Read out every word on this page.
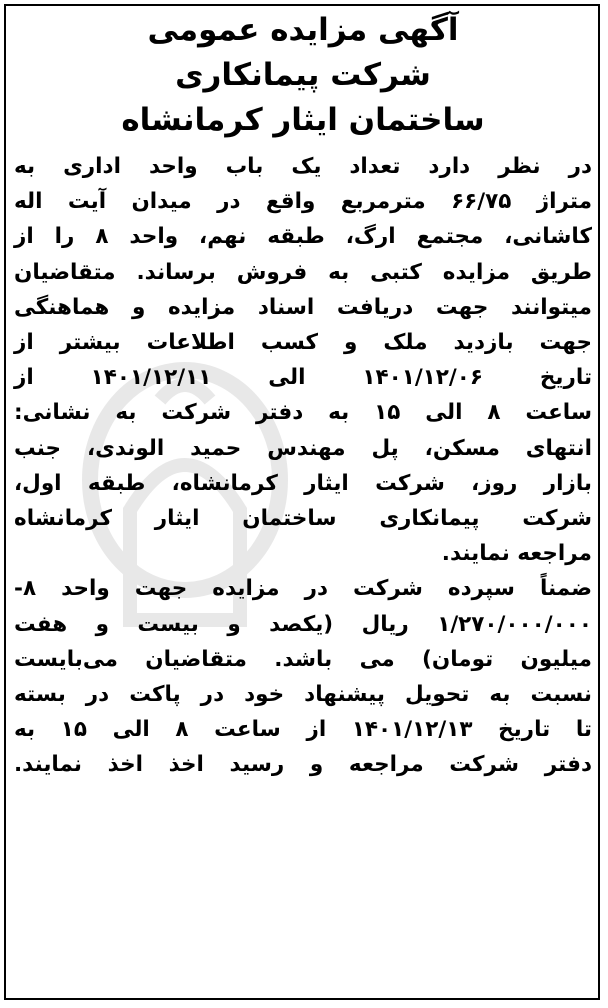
آگهی مزایده عمومی
شرکت پیمانکاری
ساختمان ایثار کرمانشاه

در نظر دارد تعداد یک باب واحد اداری به
متراژ ۶۶/۷۵ مترمربع واقع در میدان آیت اله
کاشانی، مجتمع ارگ، طبقه نهم، واحد ۸ را از
طریق مزایده کتبی به فروش برساند. متقاضیان
میتوانند جهت دریافت اسناد مزایده و هماهنگی
جهت بازدید ملک و کسب اطلاعات بیشتر از
تاریخ ۱۴۰۱/۱۲/۰۶ الی ۱۴۰۱/۱۲/۱۱ از
ساعت ۸ الی ۱۵ به دفتر شرکت به نشانی:
انتهای مسکن، پل مهندس حمید الوندی، جنب
بازار روز، شرکت ایثار کرمانشاه، طبقه اول،
شرکت پیمانکاری ساختمان ایثار کرمانشاه
مراجعه نمایند.

ضمناً سپرده شرکت در مزایده جهت واحد ۸-
۱/۲۷۰/۰۰۰/۰۰۰ ریال (یکصد و بیست و هفت
میلیون تومان) می باشد. متقاضیان می‌بایست
نسبت به تحویل پیشنهاد خود در پاکت در بسته
تا تاریخ ۱۴۰۱/۱۲/۱۳ از ساعت ۸ الی ۱۵ به
دفتر شرکت مراجعه و رسید اخذ اخذ نمایند.
